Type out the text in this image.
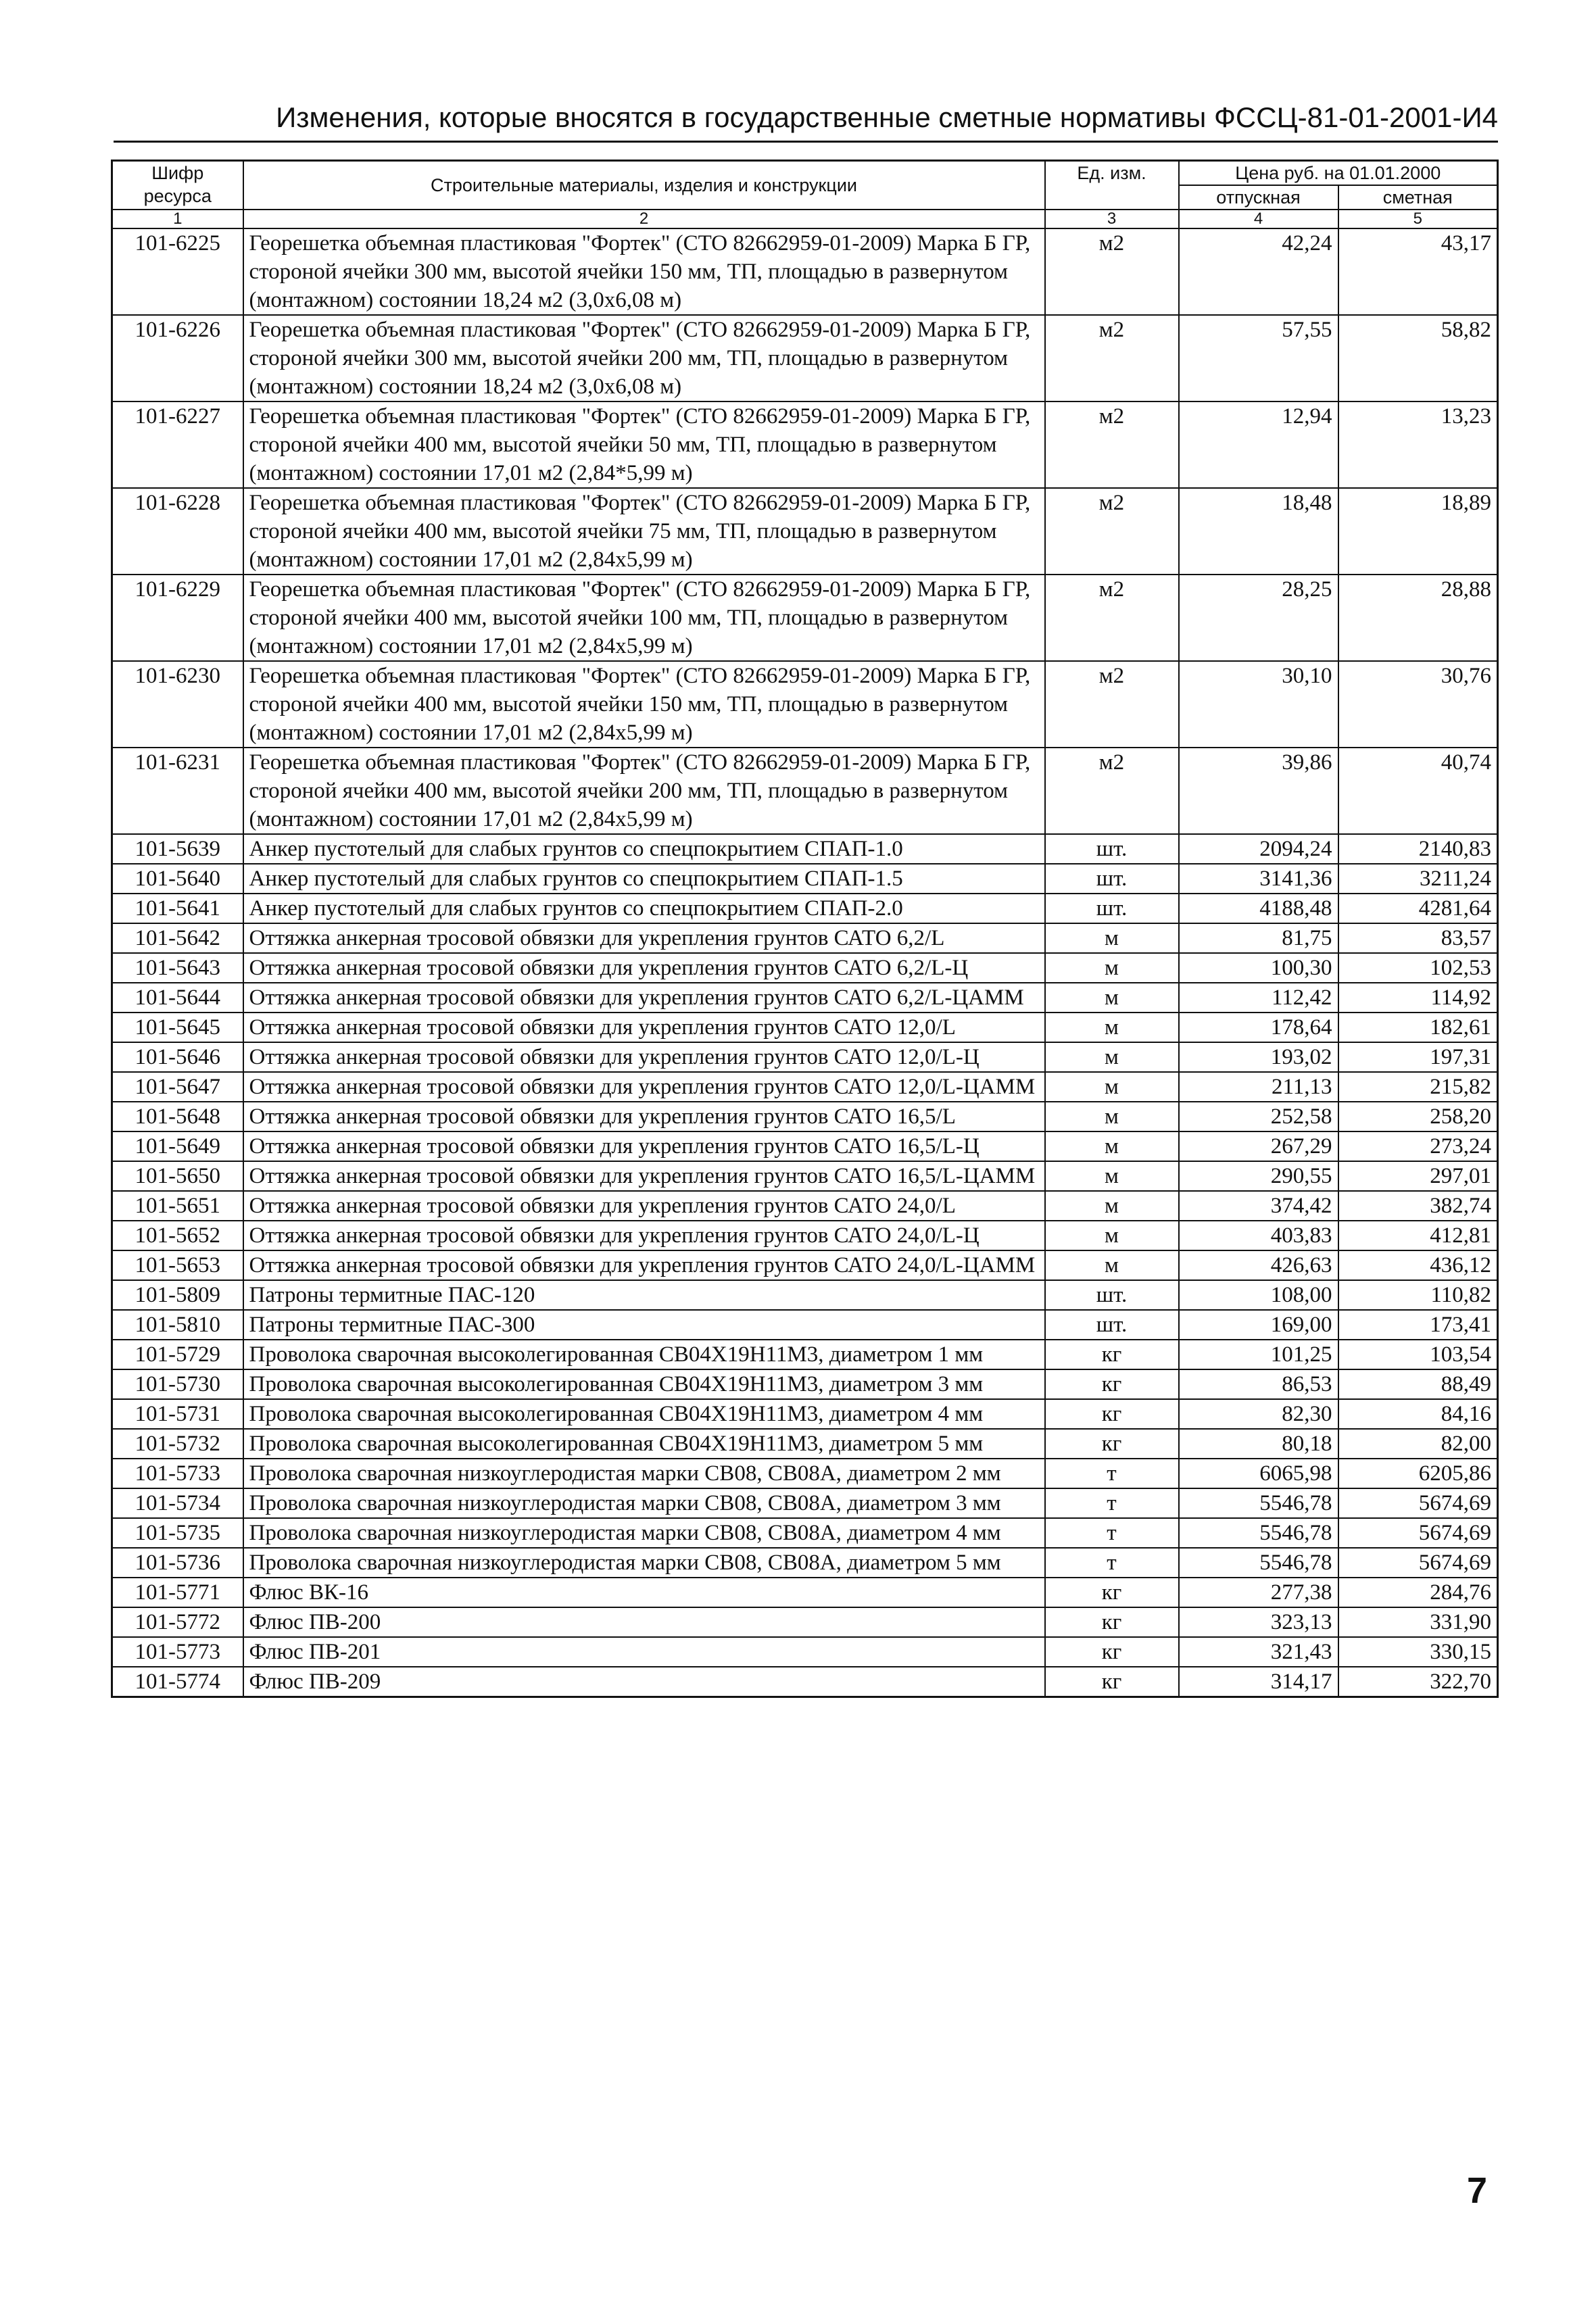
Изменения, которые вносятся в государственные сметные нормативы ФССЦ-81-01-2001-И4
Шифр ресурса	Строительные материалы, изделия и конструкции	Ед. изм.	Цена руб. на 01.01.2000	
			отпускная	сметная
1	2	3	4	5
101-6225	Георешетка объемная пластиковая "Фортек" (СТО 82662959-01-2009) Марка Б ГР, стороной ячейки 300 мм, высотой ячейки 150 мм, ТП, площадью в развернутом (монтажном) состоянии 18,24 м2 (3,0х6,08 м)	м2	42,24	43,17
101-6226	Георешетка объемная пластиковая "Фортек" (СТО 82662959-01-2009) Марка Б ГР, стороной ячейки 300 мм, высотой ячейки 200 мм, ТП, площадью в развернутом (монтажном) состоянии 18,24 м2 (3,0х6,08 м)	м2	57,55	58,82
101-6227	Георешетка объемная пластиковая "Фортек" (СТО 82662959-01-2009) Марка Б ГР, стороной ячейки 400 мм, высотой ячейки 50 мм, ТП, площадью в развернутом (монтажном) состоянии 17,01 м2 (2,84*5,99 м)	м2	12,94	13,23
101-6228	Георешетка объемная пластиковая "Фортек" (СТО 82662959-01-2009) Марка Б ГР, стороной ячейки 400 мм, высотой ячейки 75 мм, ТП, площадью в развернутом (монтажном) состоянии 17,01 м2 (2,84х5,99 м)	м2	18,48	18,89
101-6229	Георешетка объемная пластиковая "Фортек" (СТО 82662959-01-2009) Марка Б ГР, стороной ячейки 400 мм, высотой ячейки 100 мм, ТП, площадью в развернутом (монтажном) состоянии 17,01 м2 (2,84х5,99 м)	м2	28,25	28,88
101-6230	Георешетка объемная пластиковая "Фортек" (СТО 82662959-01-2009) Марка Б ГР, стороной ячейки 400 мм, высотой ячейки 150 мм, ТП, площадью в развернутом (монтажном) состоянии 17,01 м2 (2,84х5,99 м)	м2	30,10	30,76
101-6231	Георешетка объемная пластиковая "Фортек" (СТО 82662959-01-2009) Марка Б ГР, стороной ячейки 400 мм, высотой ячейки 200 мм, ТП, площадью в развернутом (монтажном) состоянии 17,01 м2 (2,84х5,99 м)	м2	39,86	40,74
101-5639	Анкер пустотелый для слабых грунтов со спецпокрытием СПАП-1.0	шт.	2094,24	2140,83
101-5640	Анкер пустотелый для слабых грунтов со спецпокрытием СПАП-1.5	шт.	3141,36	3211,24
101-5641	Анкер пустотелый для слабых грунтов со спецпокрытием СПАП-2.0	шт.	4188,48	4281,64
101-5642	Оттяжка анкерная тросовой обвязки для укрепления грунтов САТО 6,2/L	м	81,75	83,57
101-5643	Оттяжка анкерная тросовой обвязки для укрепления грунтов САТО 6,2/L-Ц	м	100,30	102,53
101-5644	Оттяжка анкерная тросовой обвязки для укрепления грунтов САТО 6,2/L-ЦАММ	м	112,42	114,92
101-5645	Оттяжка анкерная тросовой обвязки для укрепления грунтов САТО 12,0/L	м	178,64	182,61
101-5646	Оттяжка анкерная тросовой обвязки для укрепления грунтов САТО 12,0/L-Ц	м	193,02	197,31
101-5647	Оттяжка анкерная тросовой обвязки для укрепления грунтов САТО 12,0/L-ЦАММ	м	211,13	215,82
101-5648	Оттяжка анкерная тросовой обвязки для укрепления грунтов САТО 16,5/L	м	252,58	258,20
101-5649	Оттяжка анкерная тросовой обвязки для укрепления грунтов САТО 16,5/L-Ц	м	267,29	273,24
101-5650	Оттяжка анкерная тросовой обвязки для укрепления грунтов САТО 16,5/L-ЦАММ	м	290,55	297,01
101-5651	Оттяжка анкерная тросовой обвязки для укрепления грунтов САТО 24,0/L	м	374,42	382,74
101-5652	Оттяжка анкерная тросовой обвязки для укрепления грунтов САТО 24,0/L-Ц	м	403,83	412,81
101-5653	Оттяжка анкерная тросовой обвязки для укрепления грунтов САТО 24,0/L-ЦАММ	м	426,63	436,12
101-5809	Патроны термитные ПАС-120	шт.	108,00	110,82
101-5810	Патроны термитные ПАС-300	шт.	169,00	173,41
101-5729	Проволока сварочная высоколегированная СВ04Х19Н11М3, диаметром 1 мм	кг	101,25	103,54
101-5730	Проволока сварочная высоколегированная СВ04Х19Н11М3, диаметром 3 мм	кг	86,53	88,49
101-5731	Проволока сварочная высоколегированная СВ04Х19Н11М3, диаметром 4 мм	кг	82,30	84,16
101-5732	Проволока сварочная высоколегированная СВ04Х19Н11М3, диаметром 5 мм	кг	80,18	82,00
101-5733	Проволока сварочная низкоуглеродистая марки СВ08, СВ08А, диаметром 2 мм	т	6065,98	6205,86
101-5734	Проволока сварочная низкоуглеродистая марки СВ08, СВ08А, диаметром 3 мм	т	5546,78	5674,69
101-5735	Проволока сварочная низкоуглеродистая марки СВ08, СВ08А, диаметром 4 мм	т	5546,78	5674,69
101-5736	Проволока сварочная низкоуглеродистая марки СВ08, СВ08А, диаметром 5 мм	т	5546,78	5674,69
101-5771	Флюс ВК-16	кг	277,38	284,76
101-5772	Флюс ПВ-200	кг	323,13	331,90
101-5773	Флюс ПВ-201	кг	321,43	330,15
101-5774	Флюс ПВ-209	кг	314,17	322,70
7
